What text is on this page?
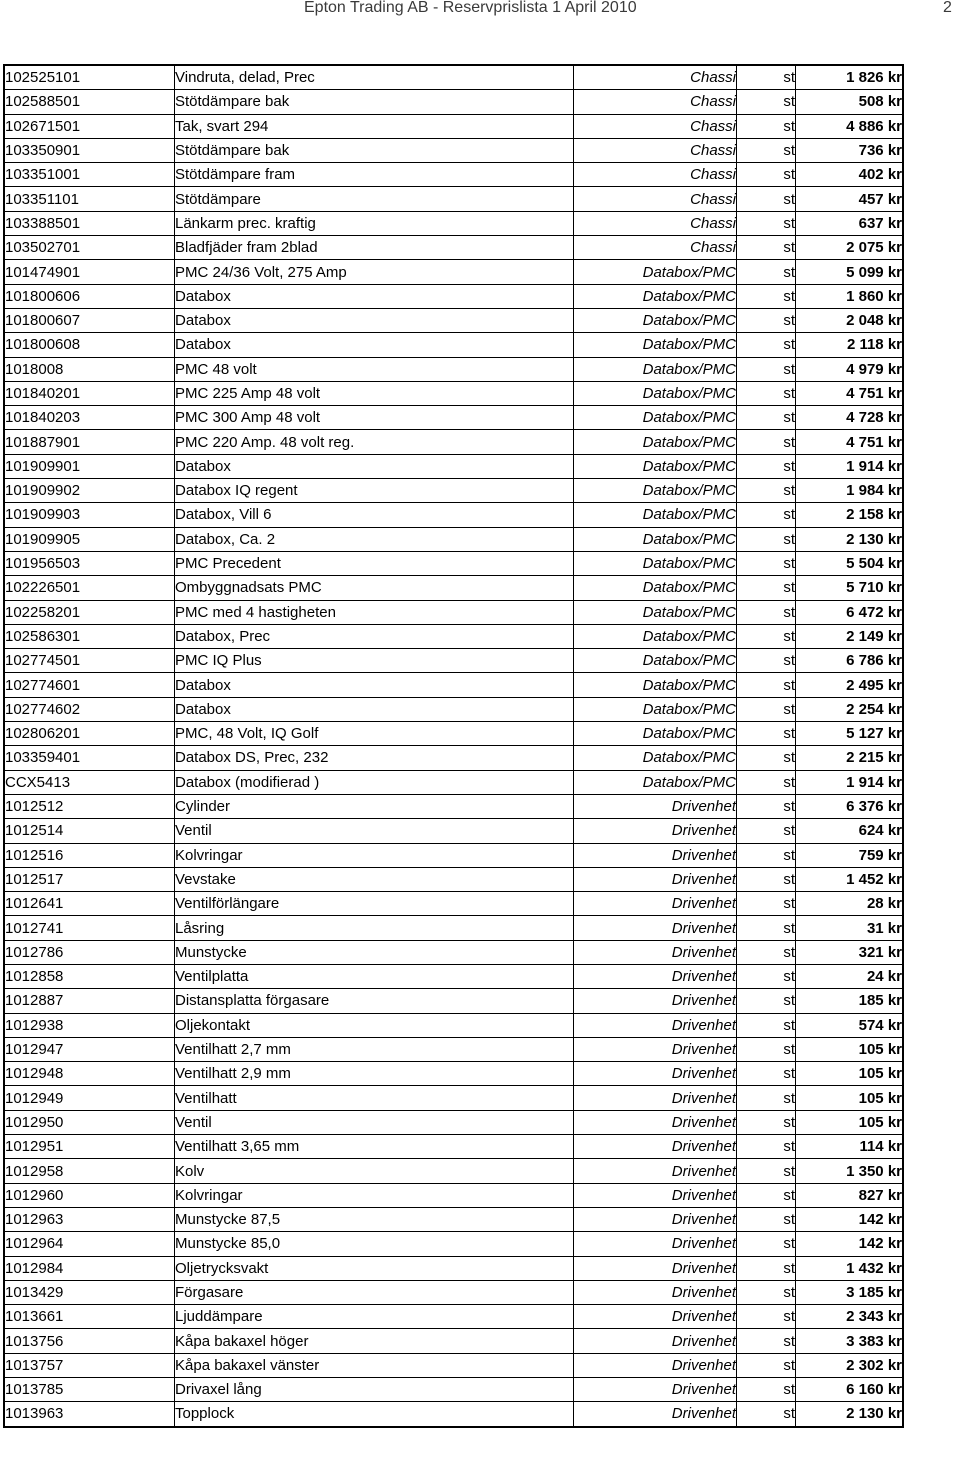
Epton Trading AB - Reservprislista 1 April 2010	2
102525101	Vindruta, delad, Prec	Chassi	st	1 826 kr
102588501	Stötdämpare bak	Chassi	st	508 kr
102671501	Tak, svart 294	Chassi	st	4 886 kr
103350901	Stötdämpare bak	Chassi	st	736 kr
103351001	Stötdämpare fram	Chassi	st	402 kr
103351101	Stötdämpare	Chassi	st	457 kr
103388501	Länkarm prec. kraftig	Chassi	st	637 kr
103502701	Bladfjäder fram 2blad	Chassi	st	2 075 kr
101474901	PMC 24/36 Volt, 275 Amp	Databox/PMC	st	5 099 kr
101800606	Databox	Databox/PMC	st	1 860 kr
101800607	Databox	Databox/PMC	st	2 048 kr
101800608	Databox	Databox/PMC	st	2 118 kr
1018008	PMC 48 volt	Databox/PMC	st	4 979 kr
101840201	PMC 225 Amp 48 volt	Databox/PMC	st	4 751 kr
101840203	PMC 300 Amp 48 volt	Databox/PMC	st	4 728 kr
101887901	PMC 220 Amp. 48 volt reg.	Databox/PMC	st	4 751 kr
101909901	Databox	Databox/PMC	st	1 914 kr
101909902	Databox IQ regent	Databox/PMC	st	1 984 kr
101909903	Databox, Vill 6	Databox/PMC	st	2 158 kr
101909905	Databox, Ca. 2	Databox/PMC	st	2 130 kr
101956503	PMC Precedent	Databox/PMC	st	5 504 kr
102226501	Ombyggnadsats PMC	Databox/PMC	st	5 710 kr
102258201	PMC med 4 hastigheten	Databox/PMC	st	6 472 kr
102586301	Databox, Prec	Databox/PMC	st	2 149 kr
102774501	PMC IQ Plus	Databox/PMC	st	6 786 kr
102774601	Databox	Databox/PMC	st	2 495 kr
102774602	Databox	Databox/PMC	st	2 254 kr
102806201	PMC, 48 Volt, IQ Golf	Databox/PMC	st	5 127 kr
103359401	Databox DS, Prec, 232	Databox/PMC	st	2 215 kr
CCX5413	Databox (modifierad )	Databox/PMC	st	1 914 kr
1012512	Cylinder	Drivenhet	st	6 376 kr
1012514	Ventil	Drivenhet	st	624 kr
1012516	Kolvringar	Drivenhet	st	759 kr
1012517	Vevstake	Drivenhet	st	1 452 kr
1012641	Ventilförlängare	Drivenhet	st	28 kr
1012741	Låsring	Drivenhet	st	31 kr
1012786	Munstycke	Drivenhet	st	321 kr
1012858	Ventilplatta	Drivenhet	st	24 kr
1012887	Distansplatta förgasare	Drivenhet	st	185 kr
1012938	Oljekontakt	Drivenhet	st	574 kr
1012947	Ventilhatt 2,7 mm	Drivenhet	st	105 kr
1012948	Ventilhatt 2,9 mm	Drivenhet	st	105 kr
1012949	Ventilhatt	Drivenhet	st	105 kr
1012950	Ventil	Drivenhet	st	105 kr
1012951	Ventilhatt 3,65 mm	Drivenhet	st	114 kr
1012958	Kolv	Drivenhet	st	1 350 kr
1012960	Kolvringar	Drivenhet	st	827 kr
1012963	Munstycke 87,5	Drivenhet	st	142 kr
1012964	Munstycke 85,0	Drivenhet	st	142 kr
1012984	Oljetrycksvakt	Drivenhet	st	1 432 kr
1013429	Förgasare	Drivenhet	st	3 185 kr
1013661	Ljuddämpare	Drivenhet	st	2 343 kr
1013756	Kåpa bakaxel höger	Drivenhet	st	3 383 kr
1013757	Kåpa bakaxel vänster	Drivenhet	st	2 302 kr
1013785	Drivaxel lång	Drivenhet	st	6 160 kr
1013963	Topplock	Drivenhet	st	2 130 kr
